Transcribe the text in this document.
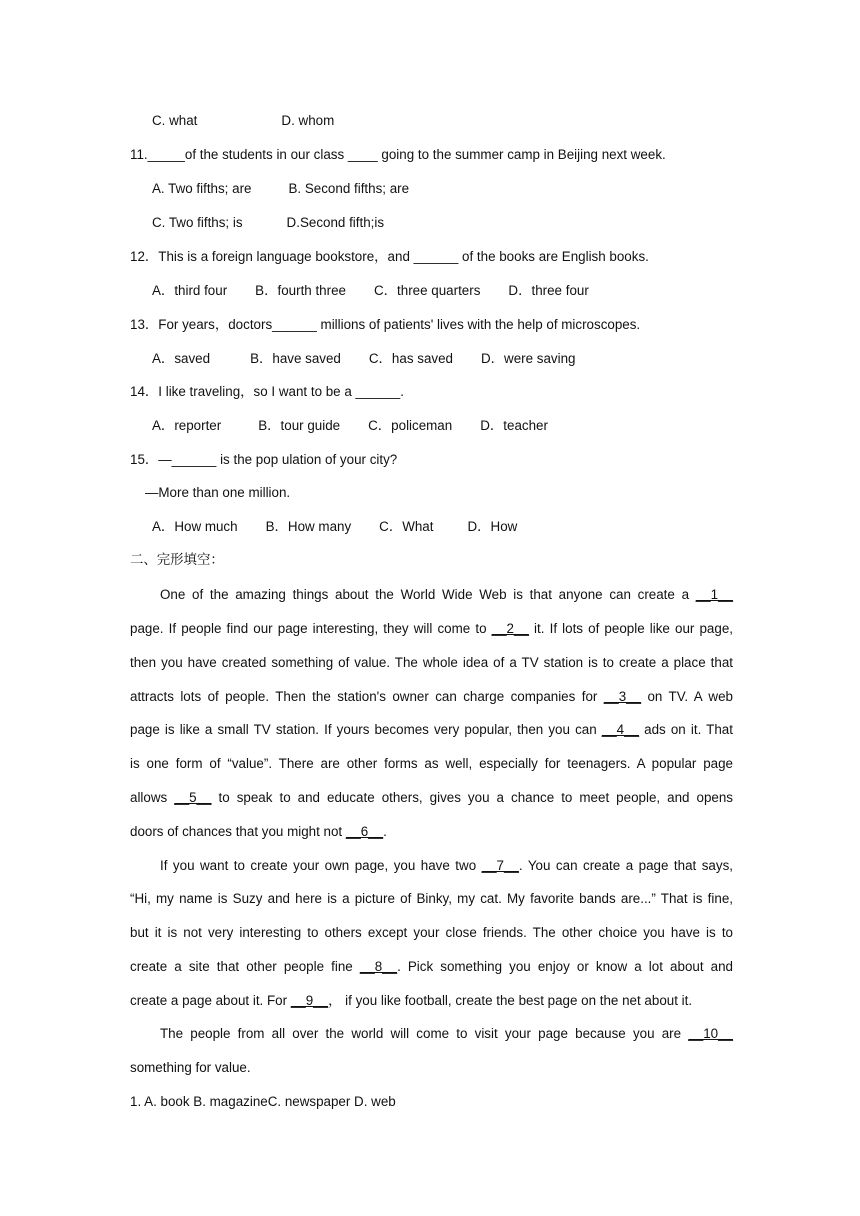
C. what	D. whom
11._____of the students in our class ____ going to the summer camp in Beijing next week.
A. Two fifths; are	B. Second fifths; are
C. Two fifths; is	D.Second fifth;is
12．This is a foreign language bookstore，and ______ of the books are English books.
A．third four B．fourth three C．three quarters D．three four
13．For years，doctors______ millions of patients' lives with the help of microscopes.
A．saved	B．have saved C．has saved D．were saving
14．I like traveling，so I want to be a ______.
A．reporter	B．tour guide C．policeman D．teacher
15．—______ is the pop ulation of your city?
—More than one million.
A．How much B．How many C．What	D．How
二、完形填空：
One of the amazing things about the World Wide Web is that anyone can create a __1__
page. If people find our page interesting, they will come to __2__ it. If lots of people like our page,
then you have created something of value. The whole idea of a TV station is to create a place that
attracts lots of people. Then the station's owner can charge companies for __3__ on TV. A web
page is like a small TV station. If yours becomes very popular, then you can __4__ ads on it. That
is one form of “value”. There are other forms as well, especially for teenagers. A popular page
allows __5__ to speak to and educate others, gives you a chance to meet people, and opens
doors of chances that you might not __6__.
If you want to create your own page, you have two __7__. You can create a page that says,
“Hi, my name is Suzy and here is a picture of Binky, my cat. My favorite bands are...” That is fine,
but it is not very interesting to others except your close friends. The other choice you have is to
create a site that other people fine __8__. Pick something you enjoy or know a lot about and
create a page about it. For __9__， if you like football, create the best page on the net about it.
The people from all over the world will come to visit your page because you are __10__
something for value.
1. A. book B. magazineC. newspaper D. web
